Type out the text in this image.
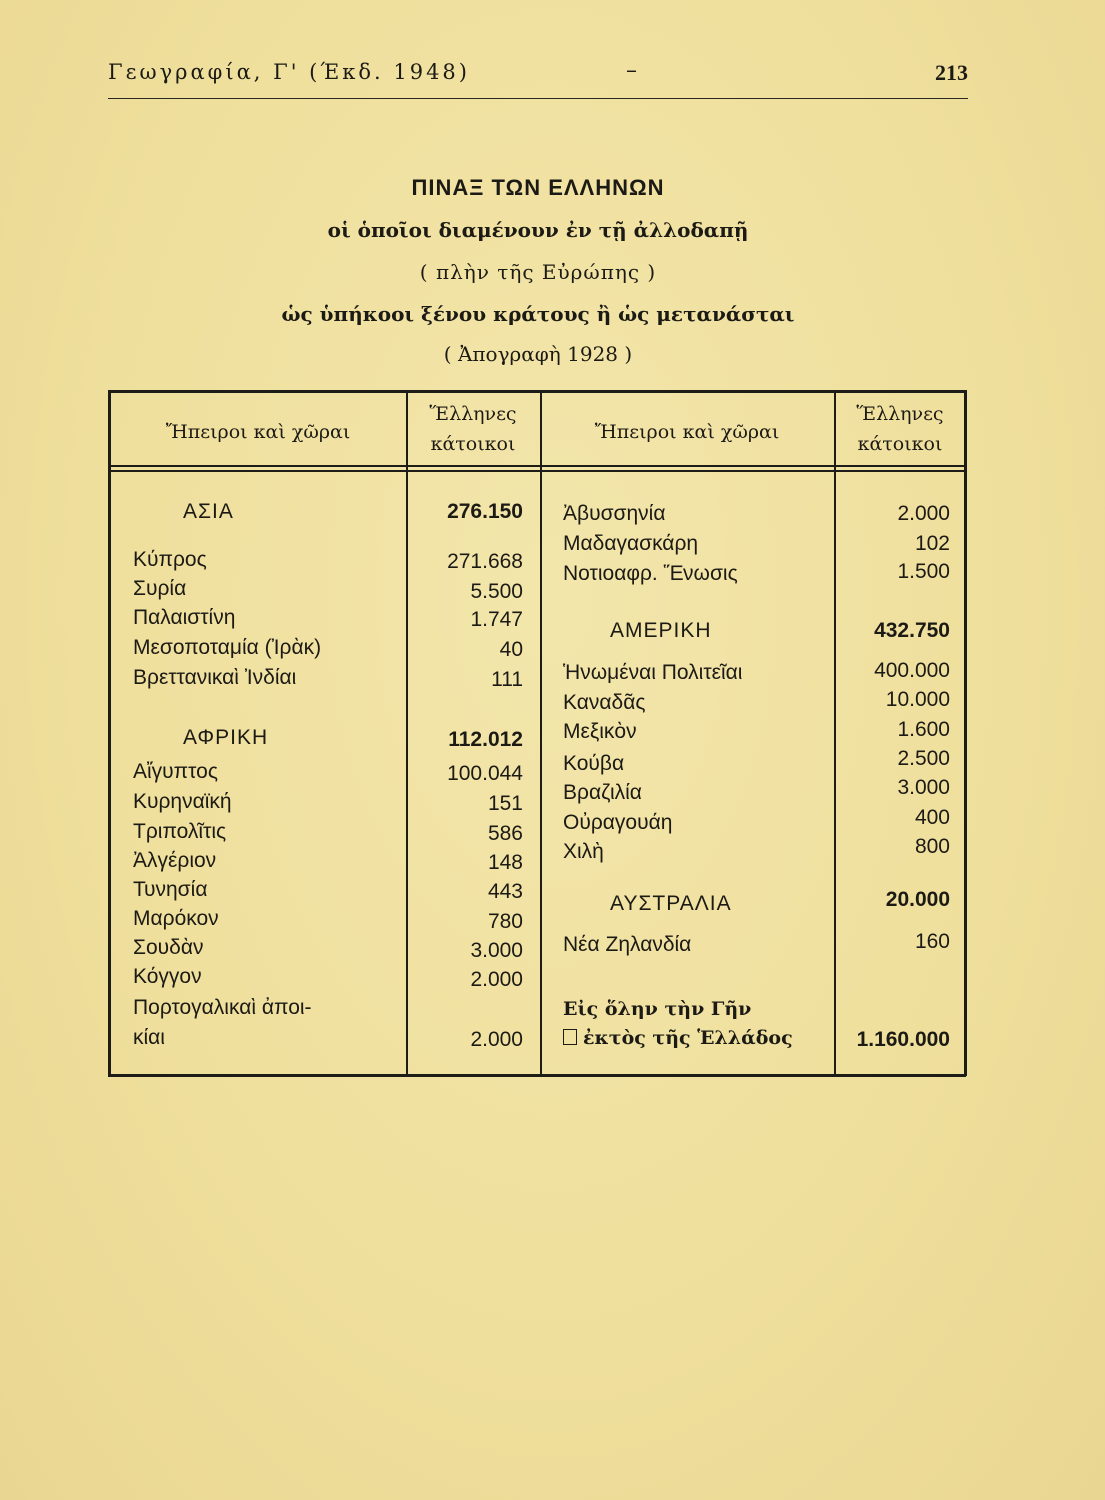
Γεωγραφία, Γ' (Έκδ. 1948)	–	213
ΠΙΝΑΞ ΤΩΝ ΕΛΛΗΝΩΝ
οἱ ὁποῖοι διαμένουν ἐν τῇ ἀλλοδαπῇ
( πλὴν τῆς Εὐρώπης )
ὡς ὑπήκοοι ξένου κράτους ἢ ὡς μετανάσται
( Ἀπογραφὴ 1928 )
Ἤπειροι καὶ χῶραι
Ἕλληνες
κάτοικοι
Ἤπειροι καὶ χῶραι
Ἕλληνες
κάτοικοι
ΑΣΙΑ	276.150
Κύπρος	271.668
Συρία	5.500
Παλαιστίνη	1.747
Μεσοποταμία (Ἰρὰκ)	40
Βρεττανικαὶ Ἰνδίαι	111
ΑΦΡΙΚΗ	112.012
Αἴγυπτος	100.044
Κυρηναϊκή	151
Τριπολῖτις	586
Ἀλγέριον	148
Τυνησία	443
Μαρόκον	780
Σουδὰν	3.000
Κόγγον	2.000
Πορτογαλικαὶ ἀποι-
κίαι	2.000
Ἀβυσσηνία	2.000
Μαδαγασκάρη	102
Νοτιοαφρ. Ἕνωσις	1.500
ΑΜΕΡΙΚΗ	432.750
Ἡνωμέναι Πολιτεῖαι	400.000
Καναδᾶς	10.000
Μεξικὸν	1.600
Κούβα	2.500
Βραζιλία	3.000
Οὐραγουάη	400
Χιλὴ	800
ΑΥΣΤΡΑΛΙΑ	20.000
Νέα Ζηλανδία	160
Εἰς ὅλην τὴν Γῆν
ἐκτὸς τῆς Ἑλλάδος	1.160.000
